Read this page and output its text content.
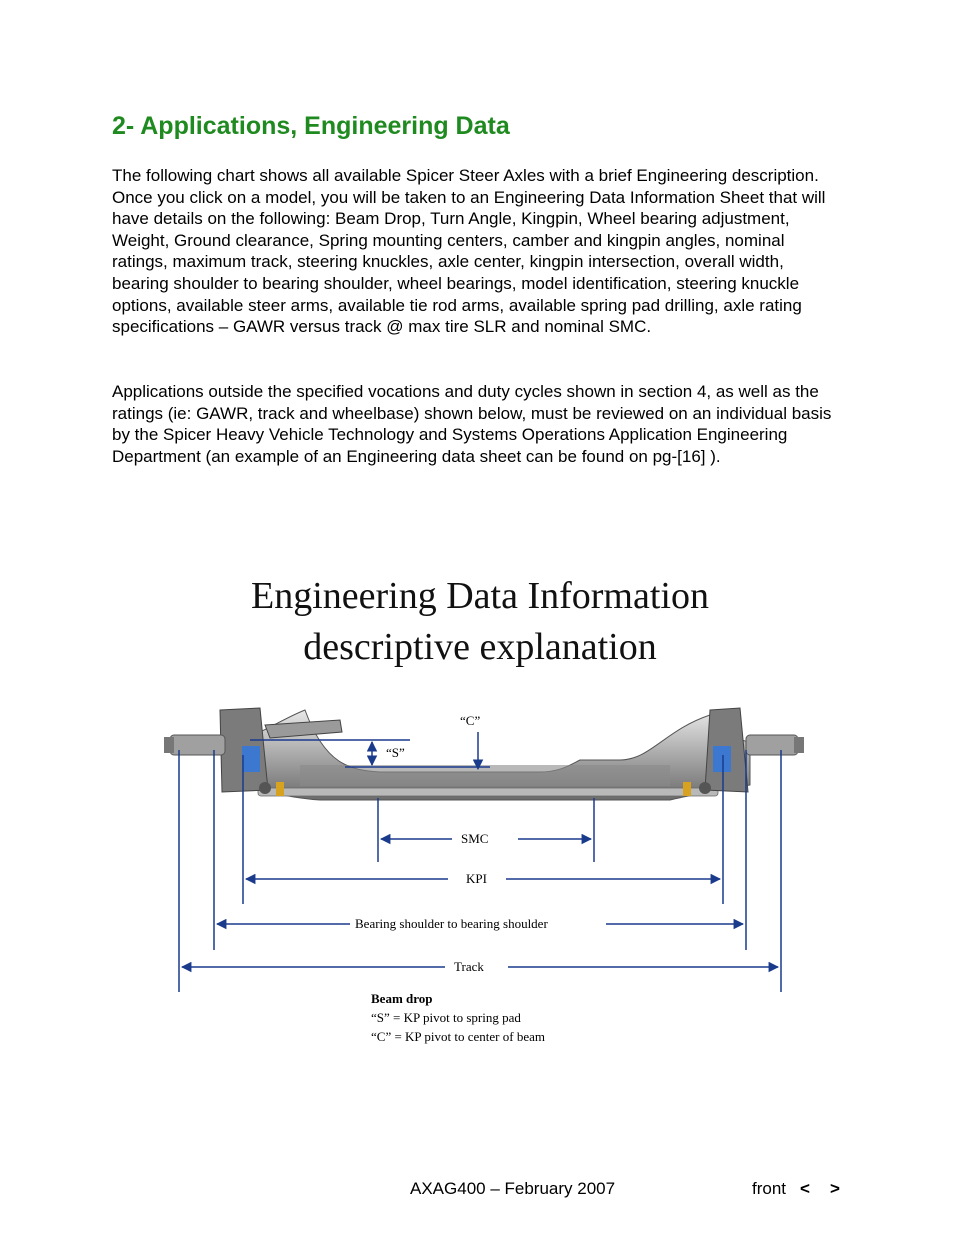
2- Applications, Engineering Data

The following chart shows all available Spicer Steer Axles with a brief Engineering description. Once you click on a model, you will be taken to an Engineering Data Information Sheet that will have details on the following: Beam Drop, Turn Angle, Kingpin, Wheel bearing adjustment, Weight, Ground clearance, Spring mounting centers, camber and kingpin angles, nominal ratings, maximum track, steering knuckles, axle center, kingpin intersection, overall width, bearing shoulder to bearing shoulder, wheel bearings, model identification, steering knuckle options, available steer arms, available tie rod arms, available spring pad drilling, axle rating specifications – GAWR versus track @ max tire SLR and nominal SMC.

Applications outside the specified vocations and duty cycles shown in section 4, as well as the ratings (ie: GAWR, track and wheelbase) shown below, must be reviewed on an individual basis by the Spicer Heavy Vehicle Technology and Systems Operations Application Engineering Department (an example of an Engineering data sheet can be found on pg-[16] ).

Engineering Data Information
descriptive explanation
“S”
“C”
SMC
KPI
Bearing shoulder to bearing shoulder
Track
Beam drop
“S” = KP pivot to spring pad
“C” = KP pivot to center of beam
AXAG400 – February 2007	front < >
